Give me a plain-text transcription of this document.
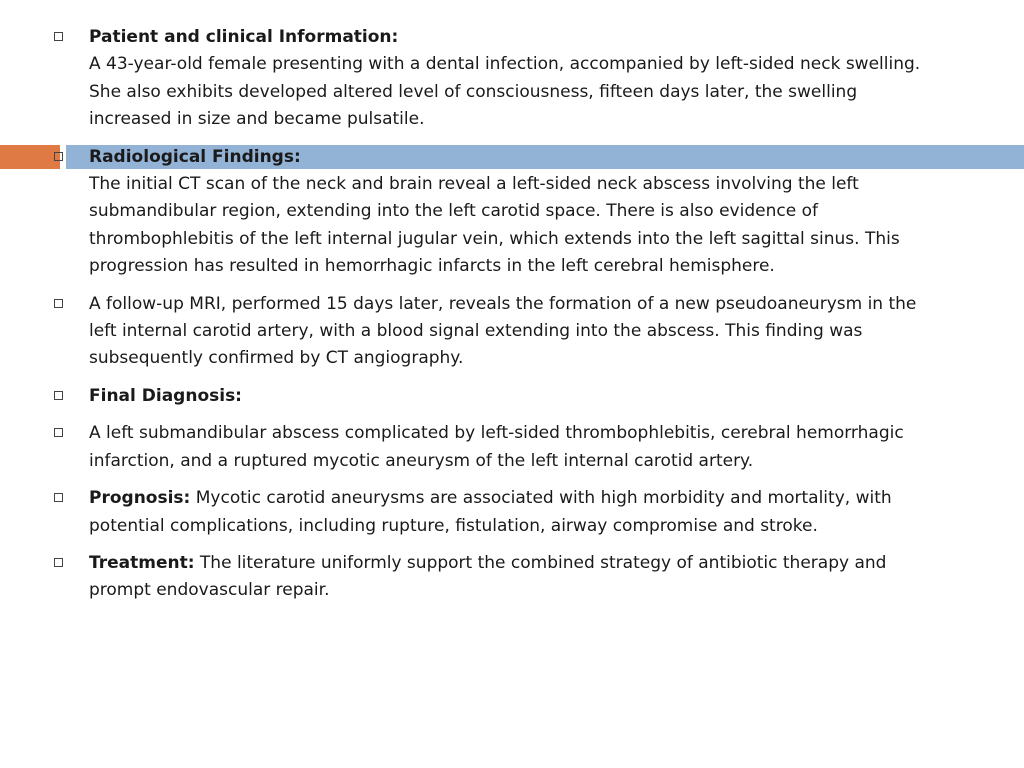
Patient and clinical Information:
A 43-year-old female presenting with a dental infection, accompanied by left-sided neck swelling. She also exhibits developed altered level of consciousness, fifteen days later, the swelling increased in size and became pulsatile.
Radiological Findings:
The initial CT scan of the neck and brain reveal a left-sided neck abscess involving the left submandibular region, extending into the left carotid space. There is also evidence of thrombophlebitis of the left internal jugular vein, which extends into the left sagittal sinus. This progression has resulted in hemorrhagic infarcts in the left cerebral hemisphere.
A follow-up MRI, performed 15 days later, reveals the formation of a new pseudoaneurysm in the left internal carotid artery, with a blood signal extending into the abscess. This finding was subsequently confirmed by CT angiography.
Final Diagnosis:
A left submandibular abscess complicated by left-sided thrombophlebitis, cerebral hemorrhagic infarction, and a ruptured mycotic aneurysm of the left internal carotid artery.
Prognosis: Mycotic carotid aneurysms are associated with high morbidity and mortality, with potential complications, including rupture, fistulation, airway compromise and stroke.
Treatment: The literature uniformly support the combined strategy of antibiotic therapy and prompt endovascular repair.
